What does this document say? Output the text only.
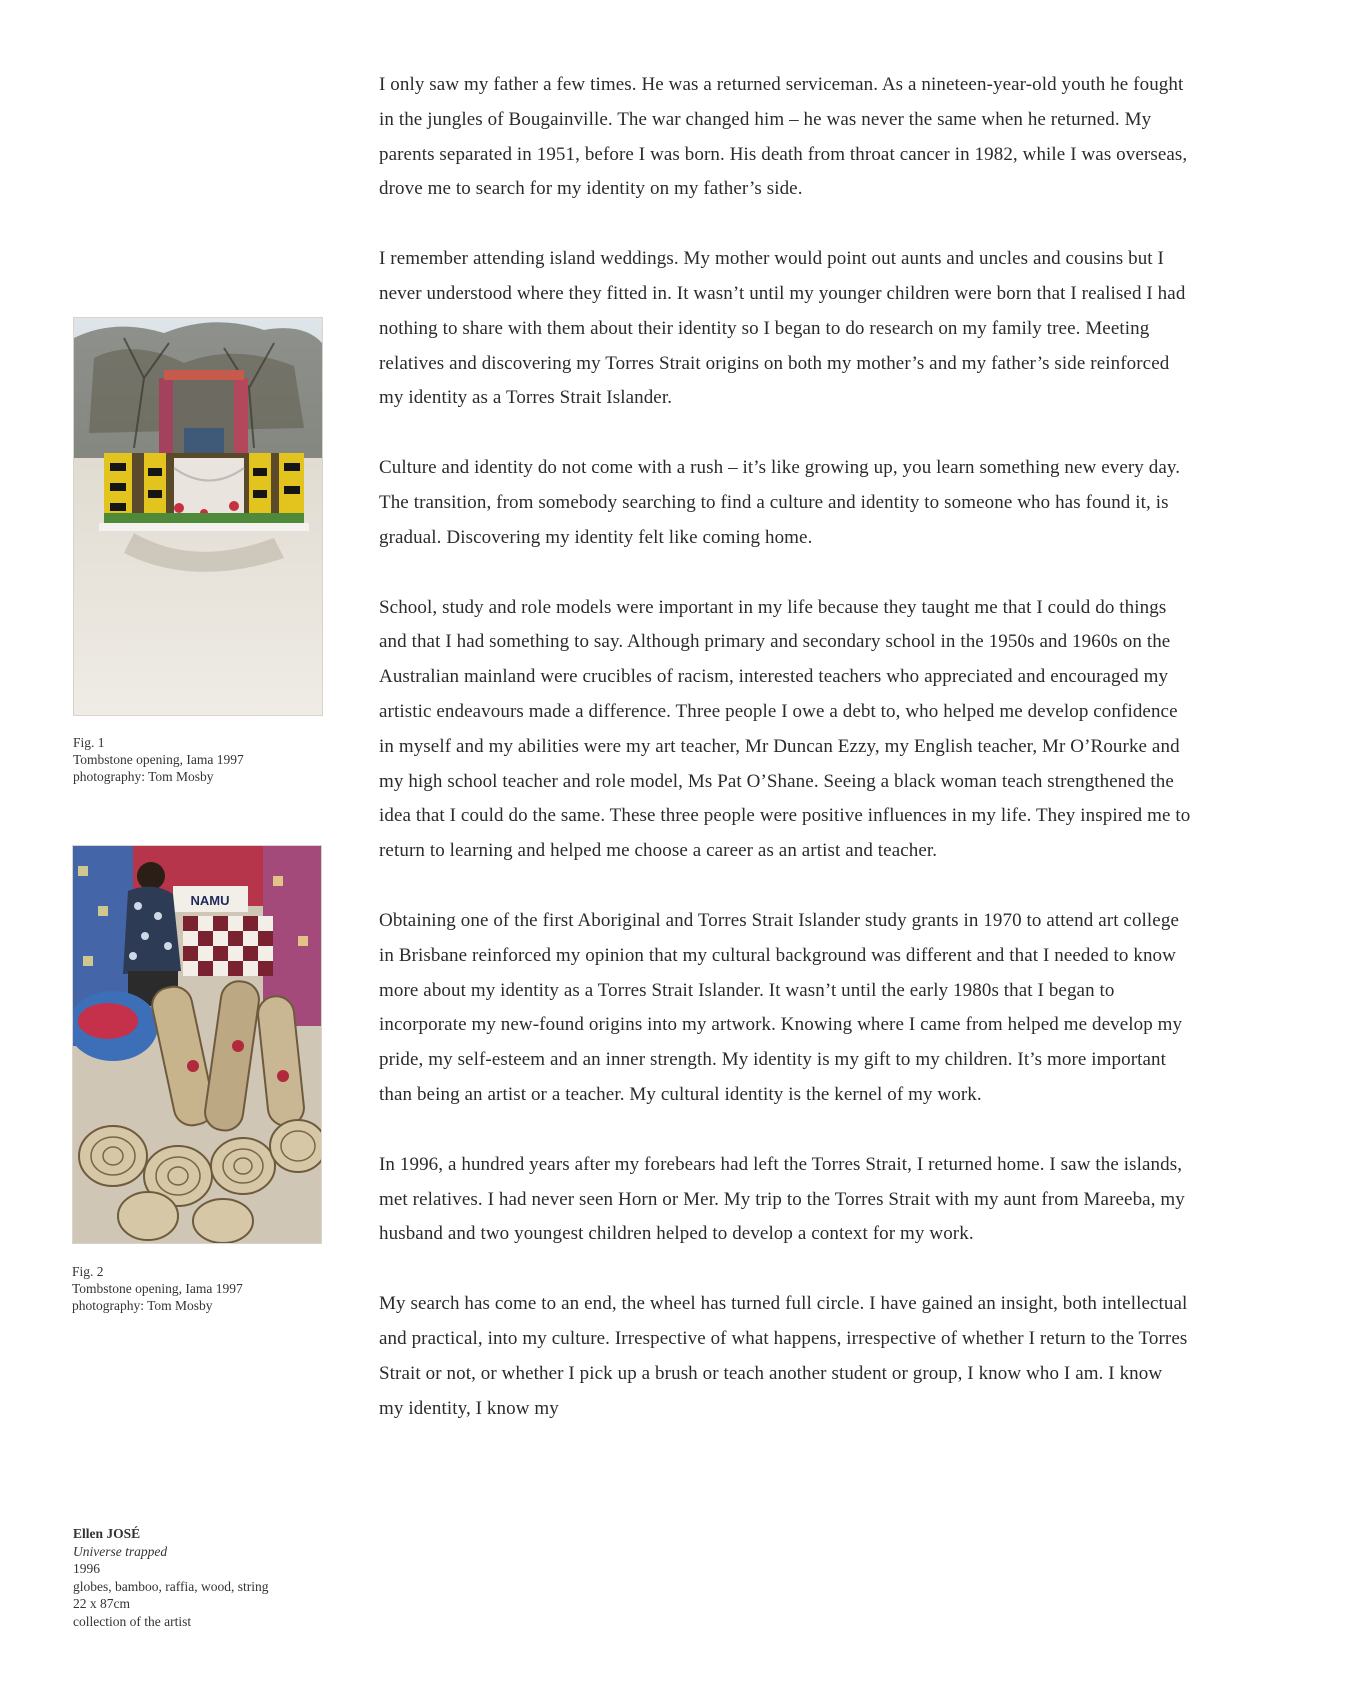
Fig. 1
Tombstone opening, Iama 1997
photography: Tom Mosby
NAMU
Fig. 2
Tombstone opening, Iama 1997
photography: Tom Mosby
Ellen JOSÉ
Universe trapped
1996
globes, bamboo, raffia, wood, string
22 x 87cm
collection of the artist

I only saw my father a few times. He was a returned serviceman. As a nineteen-year-old youth he fought in the jungles of Bougainville. The war changed him – he was never the same when he returned. My parents separated in 1951, before I was born. His death from throat cancer in 1982, while I was overseas, drove me to search for my identity on my father’s side.

I remember attending island weddings. My mother would point out aunts and uncles and cousins but I never understood where they fitted in. It wasn’t until my younger children were born that I realised I had nothing to share with them about their identity so I began to do research on my family tree. Meeting relatives and discovering my Torres Strait origins on both my mother’s and my father’s side reinforced my identity as a Torres Strait Islander.

Culture and identity do not come with a rush – it’s like growing up, you learn something new every day. The transition, from somebody searching to find a culture and identity to someone who has found it, is gradual. Discovering my identity felt like coming home.

School, study and role models were important in my life because they taught me that I could do things and that I had something to say. Although primary and secondary school in the 1950s and 1960s on the Australian mainland were crucibles of racism, interested teachers who appreciated and encouraged my artistic endeavours made a difference. Three people I owe a debt to, who helped me develop confidence in myself and my abilities were my art teacher, Mr Duncan Ezzy, my English teacher, Mr O’Rourke and my high school teacher and role model, Ms Pat O’Shane. Seeing a black woman teach strengthened the idea that I could do the same. These three people were positive influences in my life. They inspired me to return to learning and helped me choose a career as an artist and teacher.

Obtaining one of the first Aboriginal and Torres Strait Islander study grants in 1970 to attend art college in Brisbane reinforced my opinion that my cultural background was different and that I needed to know more about my identity as a Torres Strait Islander. It wasn’t until the early 1980s that I began to incorporate my new-found origins into my artwork. Knowing where I came from helped me develop my pride, my self-esteem and an inner strength. My identity is my gift to my children. It’s more important than being an artist or a teacher. My cultural identity is the kernel of my work.

In 1996, a hundred years after my forebears had left the Torres Strait, I returned home. I saw the islands, met relatives. I had never seen Horn or Mer. My trip to the Torres Strait with my aunt from Mareeba, my husband and two youngest children helped to develop a context for my work.

My search has come to an end, the wheel has turned full circle. I have gained an insight, both intellectual and practical, into my culture. Irrespective of what happens, irrespective of whether I return to the Torres Strait or not, or whether I pick up a brush or teach another student or group, I know who I am. I know my identity, I know my
